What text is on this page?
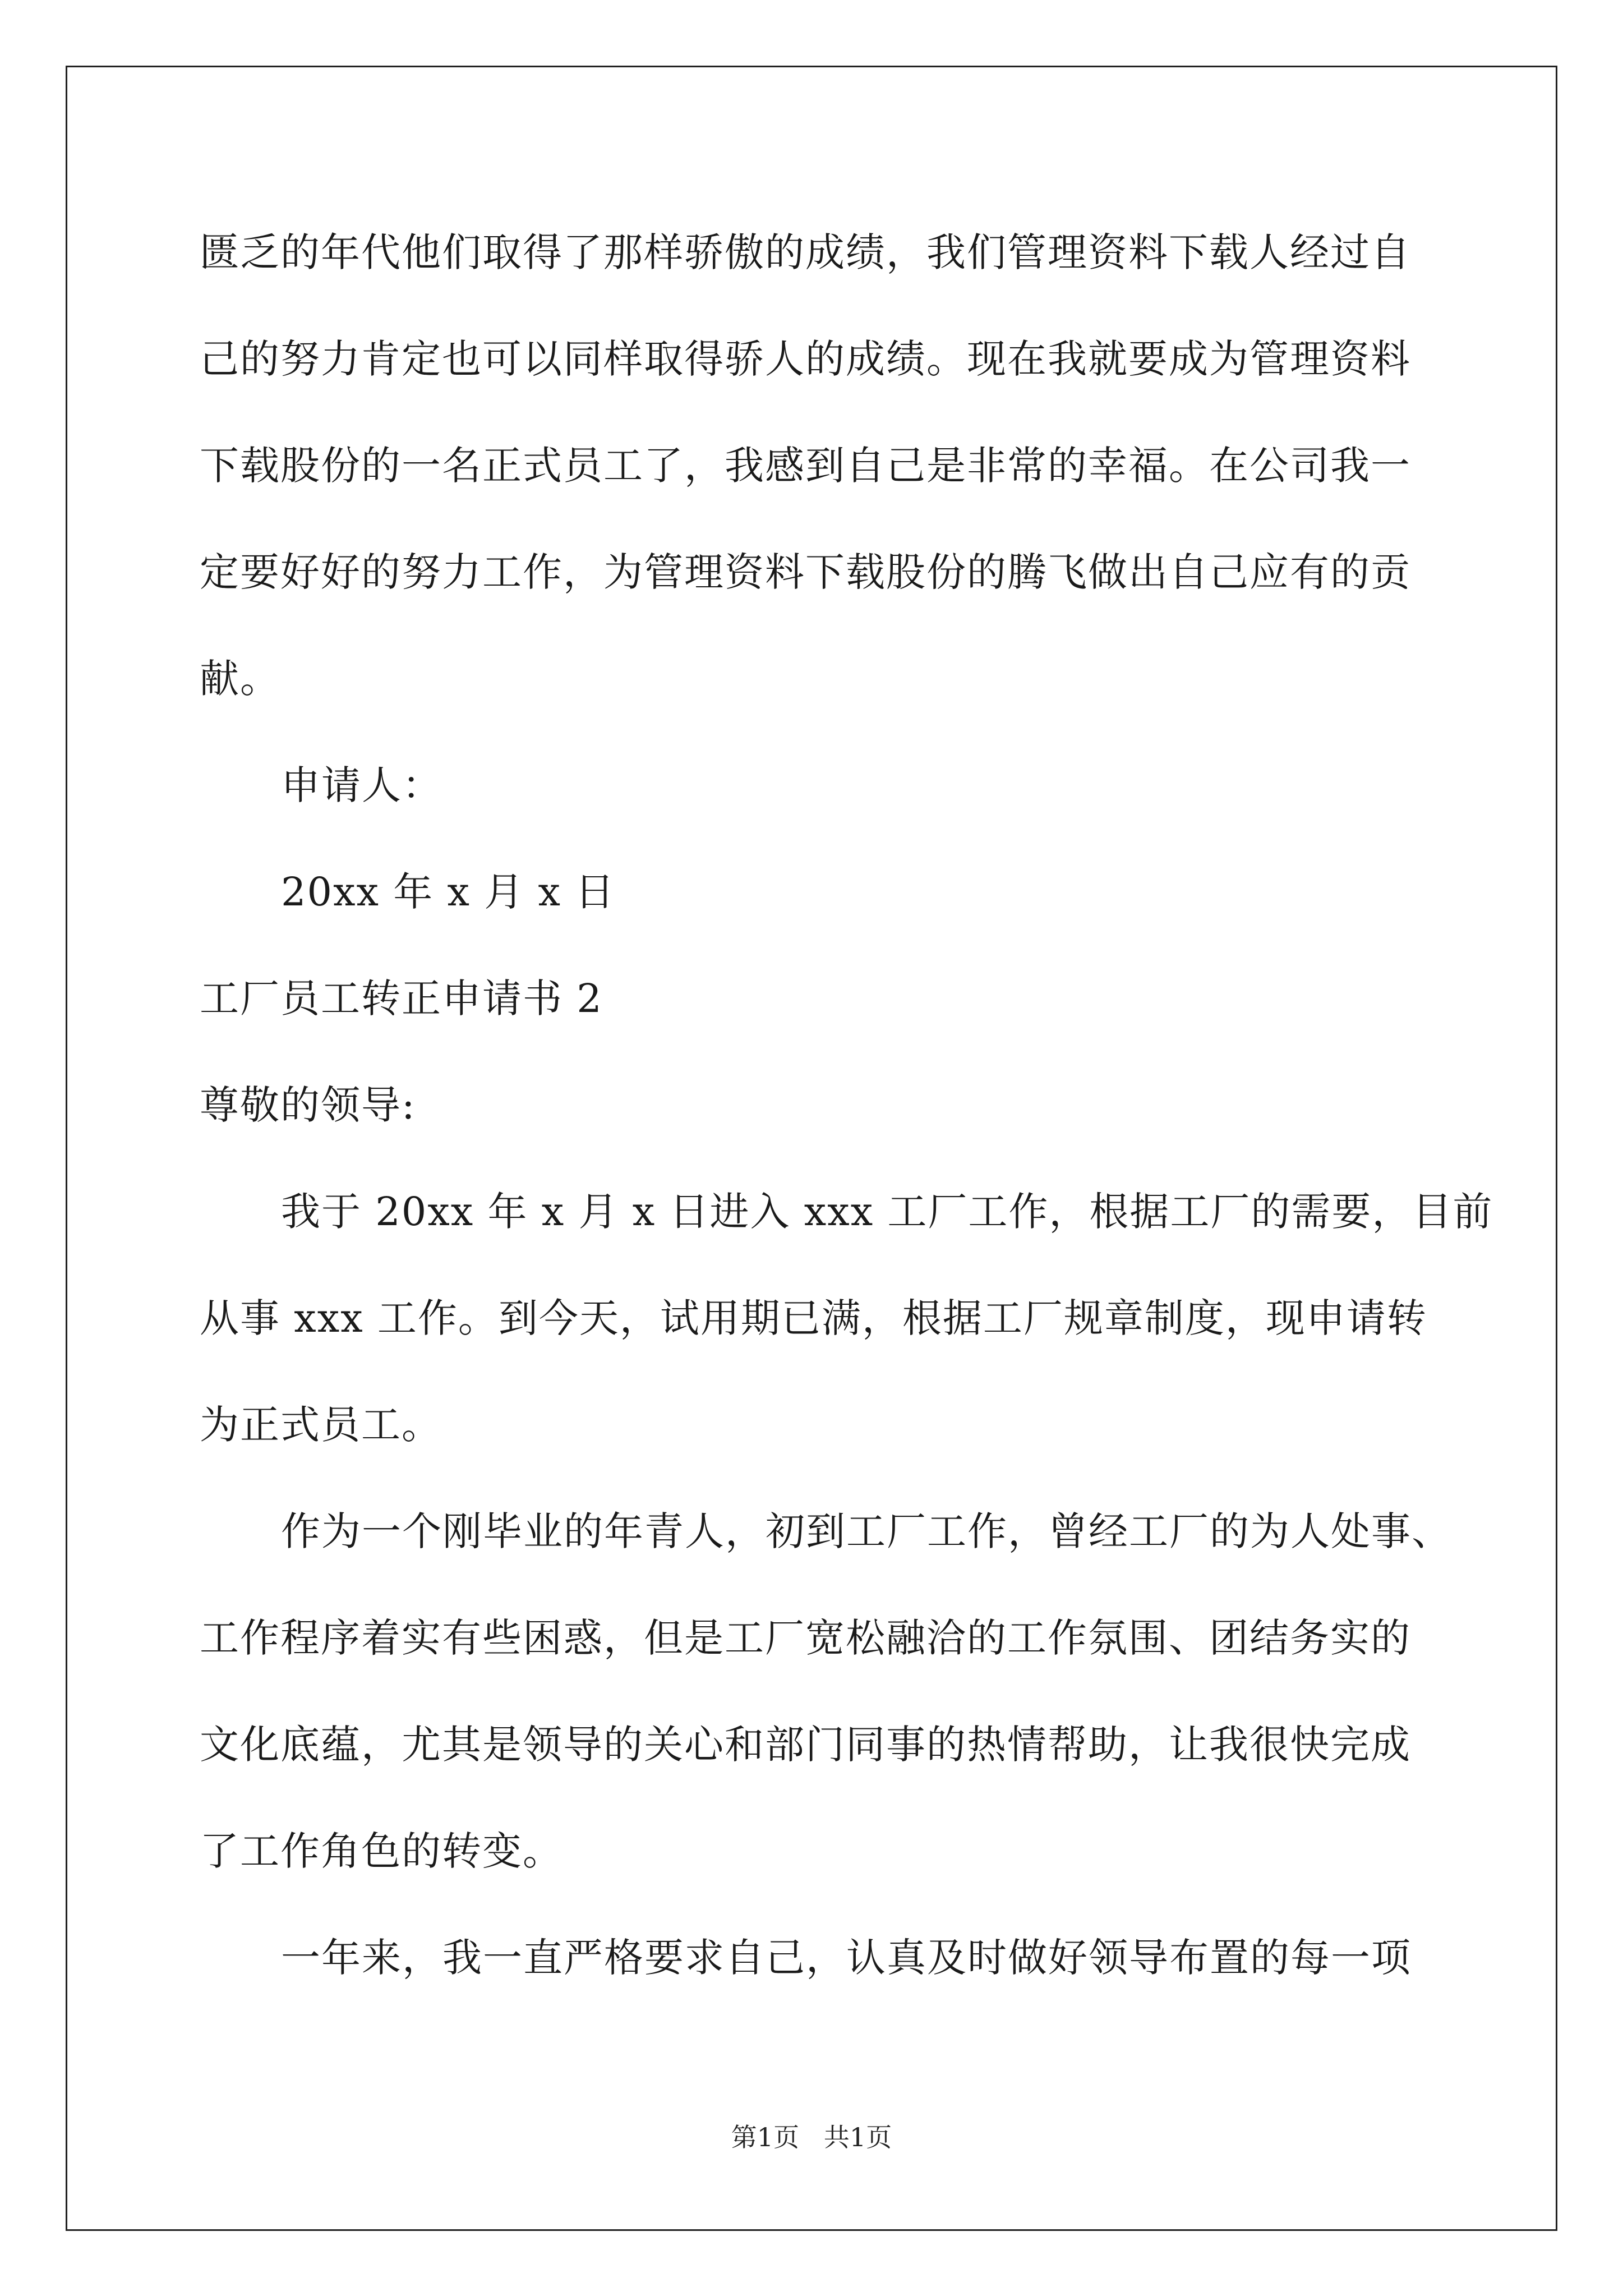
匮乏的年代他们取得了那样骄傲的成绩，我们管理资料下载人经过自
己的努力肯定也可以同样取得骄人的成绩。现在我就要成为管理资料
下载股份的一名正式员工了，我感到自己是非常的幸福。在公司我一
定要好好的努力工作，为管理资料下载股份的腾飞做出自己应有的贡
献。
申请人：
20xx 年 x 月 x 日
工厂员工转正申请书 2
尊敬的领导:
我于 20xx 年 x 月 x 日进入 xxx 工厂工作，根据工厂的需要，目前
从事 xxx 工作。到今天，试用期已满，根据工厂规章制度，现申请转
为正式员工。
作为一个刚毕业的年青人，初到工厂工作，曾经工厂的为人处事、
工作程序着实有些困惑，但是工厂宽松融洽的工作氛围、团结务实的
文化底蕴，尤其是领导的关心和部门同事的热情帮助，让我很快完成
了工作角色的转变。
一年来，我一直严格要求自己，认真及时做好领导布置的每一项
第1页   共1页
